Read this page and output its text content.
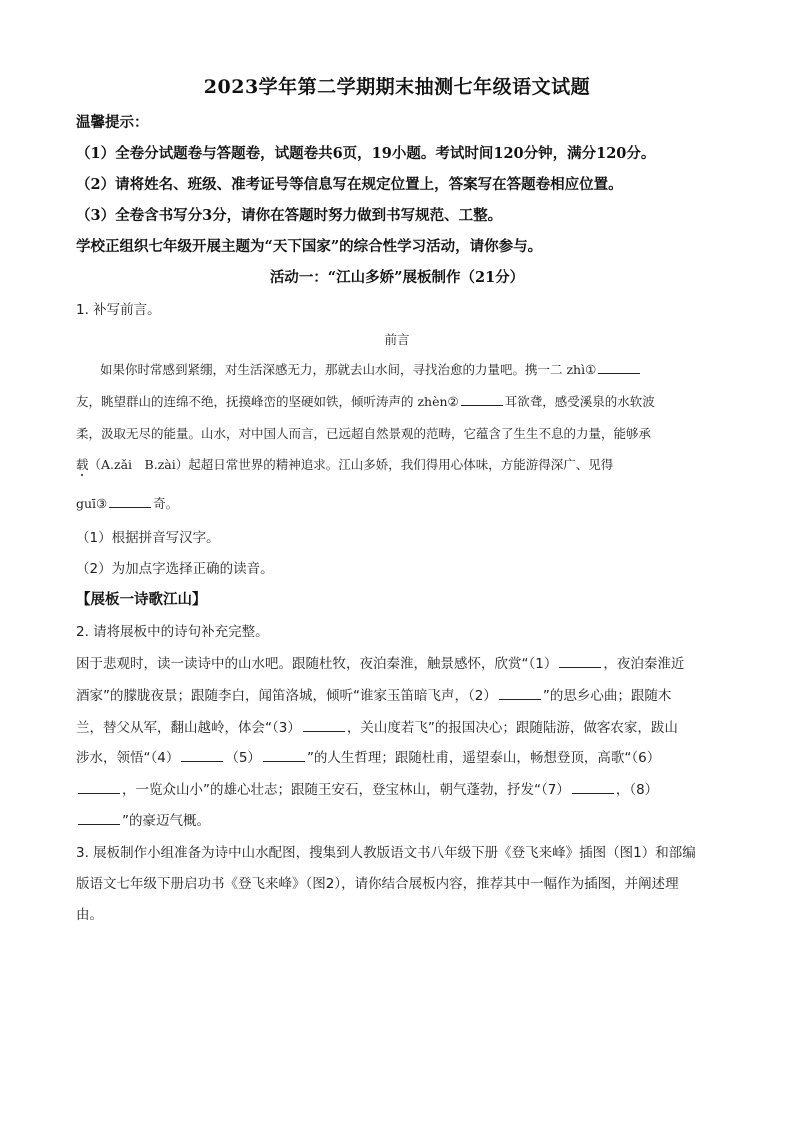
2023学年第二学期期末抽测七年级语文试题
温馨提示：
（1）全卷分试题卷与答题卷，试题卷共6页，19小题。考试时间120分钟，满分120分。
（2）请将姓名、班级、准考证号等信息写在规定位置上，答案写在答题卷相应位置。
（3）全卷含书写分3分，请你在答题时努力做到书写规范、工整。
学校正组织七年级开展主题为“天下国家”的综合性学习活动，请你参与。
活动一：“江山多娇”展板制作（21分）
1. 补写前言。
前言
如果你时常感到紧绷，对生活深感无力，那就去山水间，寻找治愈的力量吧。携一二 zhì①
友，眺望群山的连绵不绝，抚摸峰峦的坚硬如铁，倾听涛声的 zhèn②	耳欲聋，感受溪泉的水软波
柔，汲取无尽的能量。山水，对中国人而言，已远超自然景观的范畴，它蕴含了生生不息的力量，能够承
载（A.zǎi　B.zài）起超日常世界的精神追求。江山多娇，我们得用心体味，方能游得深广、见得
guī③	奇。
（1）根据拼音写汉字。
（2）为加点字选择正确的读音。
【展板一诗歌江山】
2. 请将展板中的诗句补充完整。
困于悲观时，读一读诗中的山水吧。跟随杜牧，夜泊秦淮，触景感怀，欣赏“（1）	，夜泊秦淮近
酒家”的朦胧夜景；跟随李白，闻笛洛城，倾听“谁家玉笛暗飞声，（2）	”的思乡心曲；跟随木
兰，替父从军，翻山越岭，体会“（3）	，关山度若飞”的报国决心；跟随陆游，做客农家，跋山
涉水，领悟“（4）	（5）	”的人生哲理；跟随杜甫，遥望泰山，畅想登顶，高歌“（6）
，一览众山小”的雄心壮志；跟随王安石，登宝林山，朝气蓬勃，抒发“（7）	，（8）
”的豪迈气概。
3. 展板制作小组准备为诗中山水配图，搜集到人教版语文书八年级下册《登飞来峰》插图（图1）和部编
版语文七年级下册启功书《登飞来峰》（图2），请你结合展板内容，推荐其中一幅作为插图，并阐述理
由。
